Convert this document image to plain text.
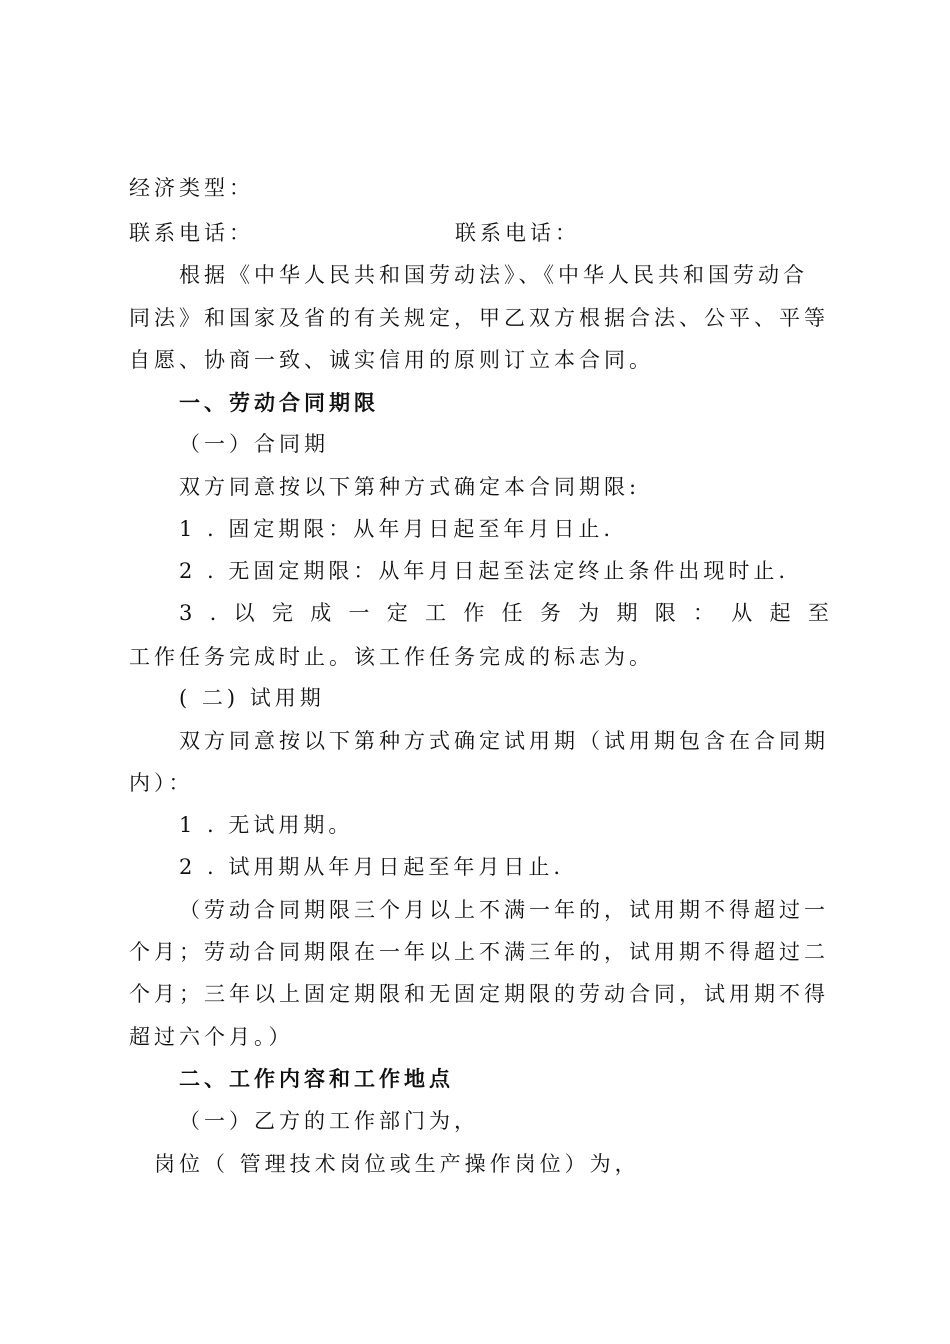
经济类型：
联系电话：	联系电话：
根据《中华人民共和国劳动法》、《中华人民共和国劳动合
同法》和国家及省的有关规定，甲乙双方根据合法、公平、平等
自愿、协商一致、诚实信用的原则订立本合同。
一、劳动合同期限
（一）合同期
双方同意按以下第种方式确定本合同期限:
1 . 固定期限：从年月日起至年月日止.
2 . 无固定期限：从年月日起至法定终止条件出现时止.
3 . 以 完 成 一 定 工 作 任 务 为 期 限 ： 从 起 至
工作任务完成时止。该工作任务完成的标志为。
( 二) 试用期
双方同意按以下第种方式确定试用期（试用期包含在合同期
内）：
1 . 无试用期。
2 . 试用期从年月日起至年月日止.
（劳动合同期限三个月以上不满一年的，试用期不得超过一
个月；劳动合同期限在一年以上不满三年的，试用期不得超过二
个月；三年以上固定期限和无固定期限的劳动合同，试用期不得
超过六个月。）
二、工作内容和工作地点
（一）乙方的工作部门为，
岗位（ 管理技术岗位或生产操作岗位）为，
